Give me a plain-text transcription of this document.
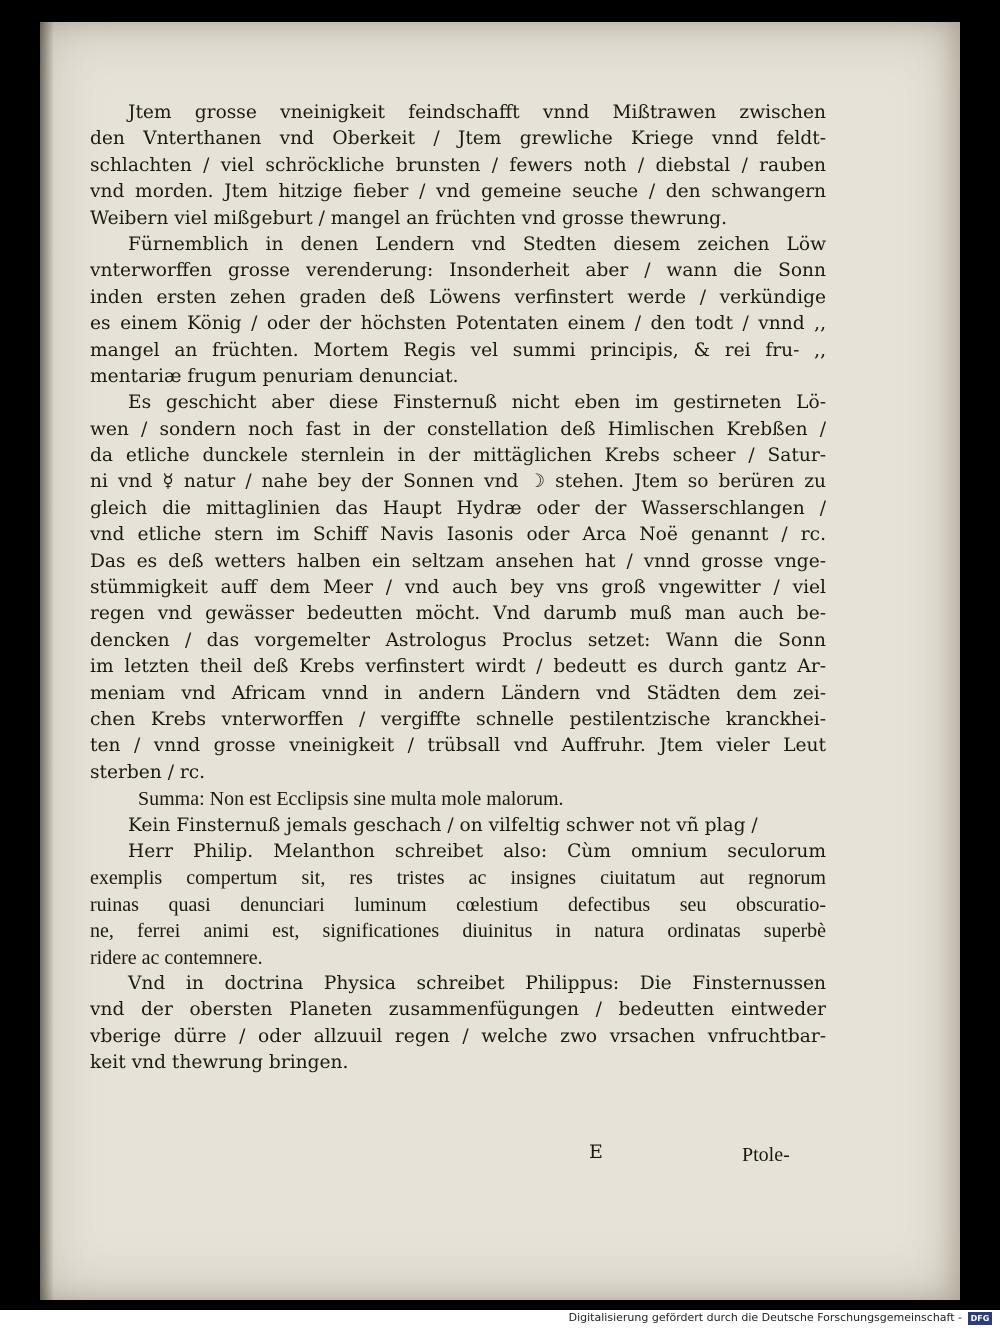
Jtem grosse vneinigkeit feindschafft vnnd Mißtrawen zwischen
den Vnterthanen vnd Oberkeit / Jtem grewliche Kriege vnnd feldt-
schlachten / viel schröckliche brunsten / fewers noth / diebstal / rauben
vnd morden. Jtem hitzige fieber / vnd gemeine seuche / den schwangern
Weibern viel mißgeburt / mangel an früchten vnd grosse thewrung.
Fürnemblich in denen Lendern vnd Stedten diesem zeichen Löw
vnterworffen grosse verenderung: Insonderheit aber / wann die Sonn
inden ersten zehen graden deß Löwens verfinstert werde / verkündige
es einem König / oder der höchsten Potentaten einem / den todt / vnnd ,,
mangel an früchten. Mortem Regis vel summi principis, & rei fru- ,,
mentariæ frugum penuriam denunciat.
Es geschicht aber diese Finsternuß nicht eben im gestirneten Lö-
wen / sondern noch fast in der constellation deß Himlischen Krebßen /
da etliche dunckele sternlein in der mittäglichen Krebs scheer / Satur-
ni vnd ☿ natur / nahe bey der Sonnen vnd ☽ stehen. Jtem so berüren zu
gleich die mittaglinien das Haupt Hydræ oder der Wasserschlangen /
vnd etliche stern im Schiff Navis Iasonis oder Arca Noë genannt / rc.
Das es deß wetters halben ein seltzam ansehen hat / vnnd grosse vnge-
stümmigkeit auff dem Meer / vnd auch bey vns groß vngewitter / viel
regen vnd gewässer bedeutten möcht. Vnd darumb muß man auch be-
dencken / das vorgemelter Astrologus Proclus setzet: Wann die Sonn
im letzten theil deß Krebs verfinstert wirdt / bedeutt es durch gantz Ar-
meniam vnd Africam vnnd in andern Ländern vnd Städten dem zei-
chen Krebs vnterworffen / vergiffte schnelle pestilentzische kranckhei-
ten / vnnd grosse vneinigkeit / trübsall vnd Auffruhr. Jtem vieler Leut
sterben / rc.
Summa: Non est Ecclipsis sine multa mole malorum.
Kein Finsternuß jemals geschach / on vilfeltig schwer not vñ plag /
Herr Philip. Melanthon schreibet also: Cùm omnium seculorum
exemplis compertum sit, res tristes ac insignes ciuitatum aut regnorum
ruinas quasi denunciari luminum cœlestium defectibus seu obscuratio-
ne, ferrei animi est, significationes diuinitus in natura ordinatas superbè
ridere ac contemnere.
Vnd in doctrina Physica schreibet Philippus: Die Finsternussen
vnd der obersten Planeten zusammenfügungen / bedeutten eintweder
vberige dürre / oder allzuuil regen / welche zwo vrsachen vnfruchtbar-
keit vnd thewrung bringen.
E	Ptole-
Digitalisierung gefördert durch die Deutsche Forschungsgemeinschaft -	DFG
